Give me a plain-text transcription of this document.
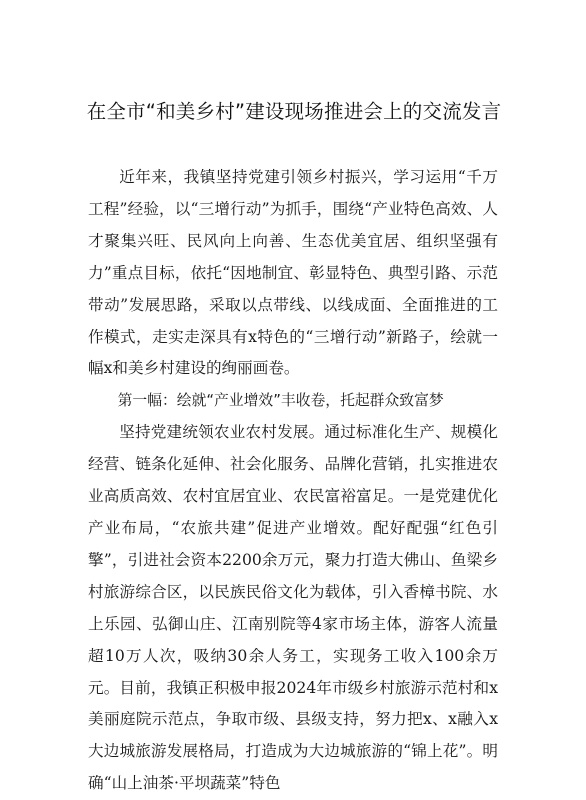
在全市“和美乡村”建设现场推进会上的交流发言

近年来，我镇坚持党建引领乡村振兴，学习运用“千万工程”经验，以“三增行动”为抓手，围绕“产业特色高效、人才聚集兴旺、民风向上向善、生态优美宜居、组织坚强有力”重点目标，依托“因地制宜、彰显特色、典型引路、示范带动”发展思路，采取以点带线、以线成面、全面推进的工作模式，走实走深具有x特色的“三增行动”新路子，绘就一幅x和美乡村建设的绚丽画卷。

第一幅：绘就“产业增效”丰收卷，托起群众致富梦

坚持党建统领农业农村发展。通过标准化生产、规模化经营、链条化延伸、社会化服务、品牌化营销，扎实推进农业高质高效、农村宜居宜业、农民富裕富足。一是党建优化产业布局，“农旅共建”促进产业增效。配好配强“红色引擎”，引进社会资本2200余万元，聚力打造大佛山、鱼梁乡村旅游综合区，以民族民俗文化为载体，引入香樟书院、水上乐园、弘御山庄、江南别院等4家市场主体，游客人流量超10万人次，吸纳30余人务工，实现务工收入100余万元。目前，我镇正积极申报2024年市级乡村旅游示范村和x美丽庭院示范点，争取市级、县级支持，努力把x、x融入x大边城旅游发展格局，打造成为大边城旅游的“锦上花”。明确“山上油茶·平坝蔬菜”特色
